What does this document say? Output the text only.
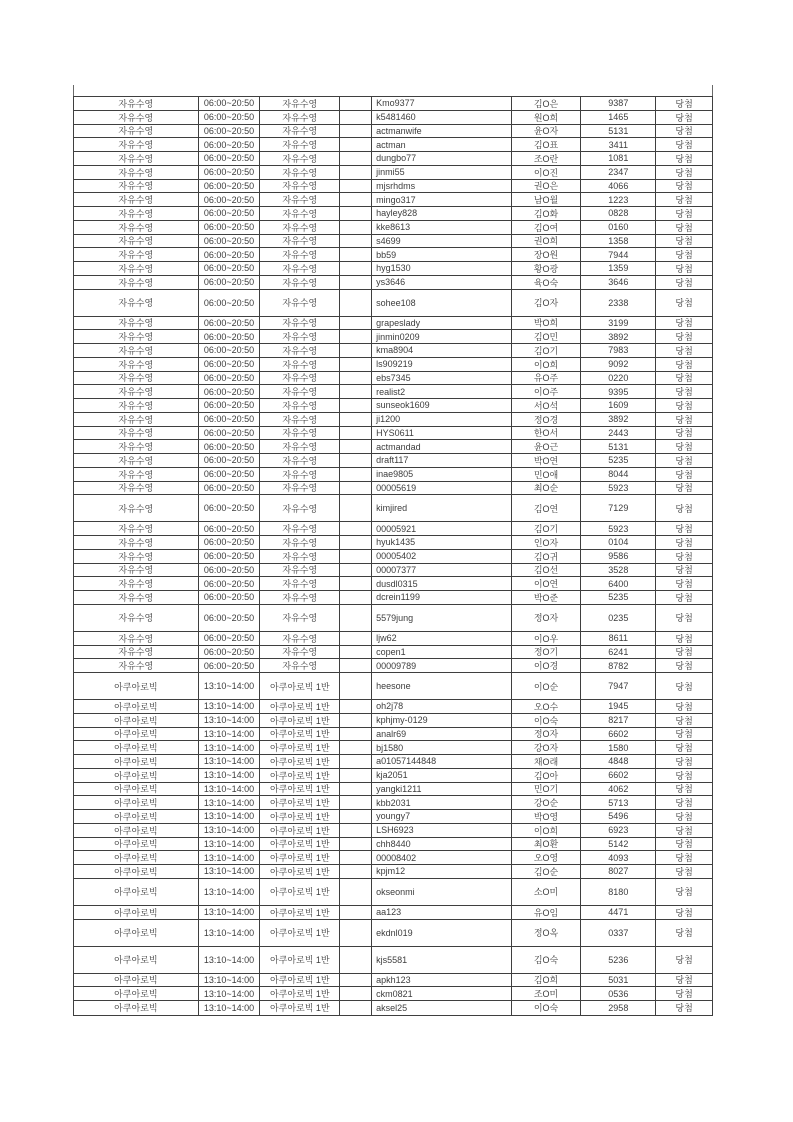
자유수영	06:00~20:50	자유수영	Kmo9377	김O은	9387	당첨
자유수영	06:00~20:50	자유수영	k5481460	원O희	1465	당첨
자유수영	06:00~20:50	자유수영	actmanwife	윤O자	5131	당첨
자유수영	06:00~20:50	자유수영	actman	김O표	3411	당첨
자유수영	06:00~20:50	자유수영	dungbo77	조O란	1081	당첨
자유수영	06:00~20:50	자유수영	jinmi55	이O진	2347	당첨
자유수영	06:00~20:50	자유수영	mjsrhdms	권O은	4066	당첨
자유수영	06:00~20:50	자유수영	mingo317	남O월	1223	당첨
자유수영	06:00~20:50	자유수영	hayley828	김O화	0828	당첨
자유수영	06:00~20:50	자유수영	kke8613	김O여	0160	당첨
자유수영	06:00~20:50	자유수영	s4699	권O희	1358	당첨
자유수영	06:00~20:50	자유수영	bb59	장O원	7944	당첨
자유수영	06:00~20:50	자유수영	hyg1530	황O광	1359	당첨
자유수영	06:00~20:50	자유수영	ys3646	육O숙	3646	당첨
자유수영	06:00~20:50	자유수영	sohee108	김O자	2338	당첨
자유수영	06:00~20:50	자유수영	grapeslady	박O희	3199	당첨
자유수영	06:00~20:50	자유수영	jinmin0209	김O민	3892	당첨
자유수영	06:00~20:50	자유수영	kma8904	김O기	7983	당첨
자유수영	06:00~20:50	자유수영	ls909219	이O희	9092	당첨
자유수영	06:00~20:50	자유수영	ebs7345	유O주	0220	당첨
자유수영	06:00~20:50	자유수영	realist2	이O주	9395	당첨
자유수영	06:00~20:50	자유수영	sunseok1609	서O석	1609	당첨
자유수영	06:00~20:50	자유수영	ji1200	정O경	3892	당첨
자유수영	06:00~20:50	자유수영	HYS0611	한O서	2443	당첨
자유수영	06:00~20:50	자유수영	actmandad	윤O근	5131	당첨
자유수영	06:00~20:50	자유수영	draft117	박O연	5235	당첨
자유수영	06:00~20:50	자유수영	inae9805	민O애	8044	당첨
자유수영	06:00~20:50	자유수영	00005619	최O순	5923	당첨
자유수영	06:00~20:50	자유수영	kimjired	김O연	7129	당첨
자유수영	06:00~20:50	자유수영	00005921	김O기	5923	당첨
자유수영	06:00~20:50	자유수영	hyuk1435	인O자	0104	당첨
자유수영	06:00~20:50	자유수영	00005402	김O귀	9586	당첨
자유수영	06:00~20:50	자유수영	00007377	김O선	3528	당첨
자유수영	06:00~20:50	자유수영	dusdl0315	이O연	6400	당첨
자유수영	06:00~20:50	자유수영	dcrein1199	박O준	5235	당첨
자유수영	06:00~20:50	자유수영	5579jung	정O자	0235	당첨
자유수영	06:00~20:50	자유수영	ljw62	이O우	8611	당첨
자유수영	06:00~20:50	자유수영	copen1	정O기	6241	당첨
자유수영	06:00~20:50	자유수영	00009789	이O경	8782	당첨
아쿠아로빅	13:10~14:00	아쿠아로빅 1반	heesone	이O순	7947	당첨
아쿠아로빅	13:10~14:00	아쿠아로빅 1반	oh2j78	오O수	1945	당첨
아쿠아로빅	13:10~14:00	아쿠아로빅 1반	kphjmy-0129	이O숙	8217	당첨
아쿠아로빅	13:10~14:00	아쿠아로빅 1반	analr69	정O자	6602	당첨
아쿠아로빅	13:10~14:00	아쿠아로빅 1반	bj1580	강O자	1580	당첨
아쿠아로빅	13:10~14:00	아쿠아로빅 1반	a01057144848	채O래	4848	당첨
아쿠아로빅	13:10~14:00	아쿠아로빅 1반	kja2051	김O아	6602	당첨
아쿠아로빅	13:10~14:00	아쿠아로빅 1반	yangki1211	민O기	4062	당첨
아쿠아로빅	13:10~14:00	아쿠아로빅 1반	kbb2031	강O순	5713	당첨
아쿠아로빅	13:10~14:00	아쿠아로빅 1반	youngy7	박O영	5496	당첨
아쿠아로빅	13:10~14:00	아쿠아로빅 1반	LSH6923	이O희	6923	당첨
아쿠아로빅	13:10~14:00	아쿠아로빅 1반	chh8440	최O환	5142	당첨
아쿠아로빅	13:10~14:00	아쿠아로빅 1반	00008402	오O영	4093	당첨
아쿠아로빅	13:10~14:00	아쿠아로빅 1반	kpjm12	김O순	8027	당첨
아쿠아로빅	13:10~14:00	아쿠아로빅 1반	okseonmi	소O미	8180	당첨
아쿠아로빅	13:10~14:00	아쿠아로빅 1반	aa123	유O임	4471	당첨
아쿠아로빅	13:10~14:00	아쿠아로빅 1반	ekdnl019	정O옥	0337	당첨
아쿠아로빅	13:10~14:00	아쿠아로빅 1반	kjs5581	김O숙	5236	당첨
아쿠아로빅	13:10~14:00	아쿠아로빅 1반	apkh123	김O희	5031	당첨
아쿠아로빅	13:10~14:00	아쿠아로빅 1반	ckm0821	조O미	0536	당첨
아쿠아로빅	13:10~14:00	아쿠아로빅 1반	aksel25	이O숙	2958	당첨
